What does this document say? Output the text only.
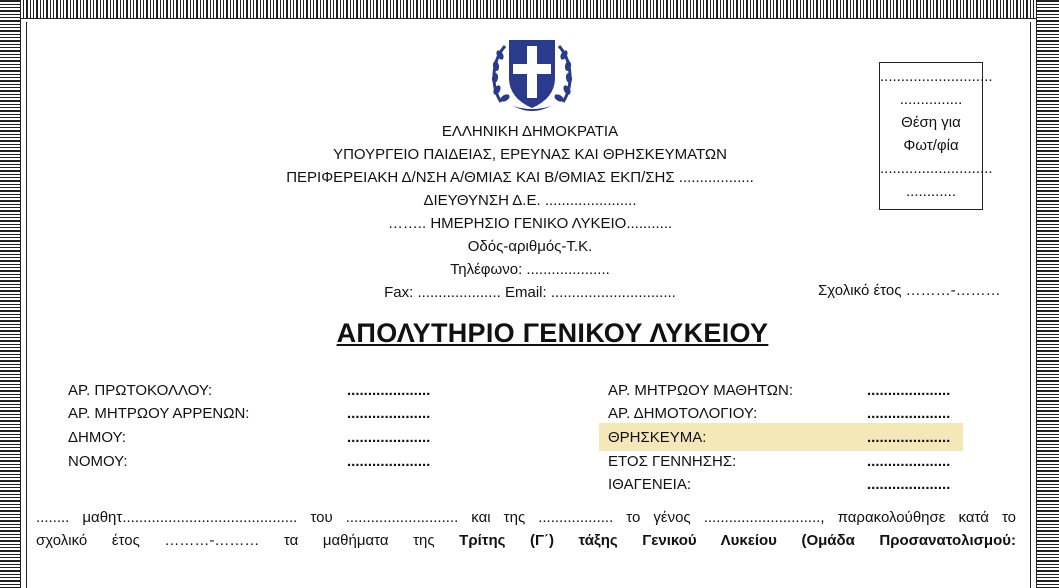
ΕΛΛΗΝΙΚΗ ΔΗΜΟΚΡΑΤΙΑ
ΥΠΟΥΡΓΕΙΟ ΠΑΙΔΕΙΑΣ, ΕΡΕΥΝΑΣ ΚΑΙ ΘΡΗΣΚΕΥΜΑΤΩΝ
ΠΕΡΙΦΕΡΕΙΑΚΗ Δ/ΝΣΗ Α/ΘΜΙΑΣ ΚΑΙ Β/ΘΜΙΑΣ ΕΚΠ/ΣΗΣ ..................
ΔΙΕΥΘΥΝΣΗ Δ.Ε. ......................
…….. ΗΜΕΡΗΣΙΟ ΓΕΝΙΚΟ ΛΥΚΕΙΟ...........
Οδός-αριθμός-Τ.Κ.
Τηλέφωνο: ....................
Fax: .................... Email: ..............................
...........................
...............
Θέση για
Φωτ/φία
...........................
............
Σχολικό έτος ………-………
ΑΠΟΛΥΤΗΡΙΟ ΓΕΝΙΚΟΥ ΛΥΚΕΙΟΥ
ΑΡ. ΠΡΩΤΟΚΟΛΛΟΥ:	....................
ΑΡ. ΜΗΤΡΩΟΥ ΑΡΡΕΝΩΝ:	....................
ΔΗΜΟΥ:	....................
ΝΟΜΟΥ:	....................
ΑΡ. ΜΗΤΡΩΟΥ ΜΑΘΗΤΩΝ:	....................
ΑΡ. ΔΗΜΟΤΟΛΟΓΙΟΥ:	....................
ΘΡΗΣΚΕΥΜΑ:	....................
ΕΤΟΣ ΓΕΝΝΗΣΗΣ:	....................
ΙΘΑΓΕΝΕΙΑ:	....................
........ μαθητ.......................................... του ........................... και της .................. το γένος ............................, παρακολούθησε κατά το
σχολικό έτος ………-……… τα μαθήματα της Τρίτης (Γ΄) τάξης Γενικού Λυκείου (Ομάδα Προσανατολισμού:
